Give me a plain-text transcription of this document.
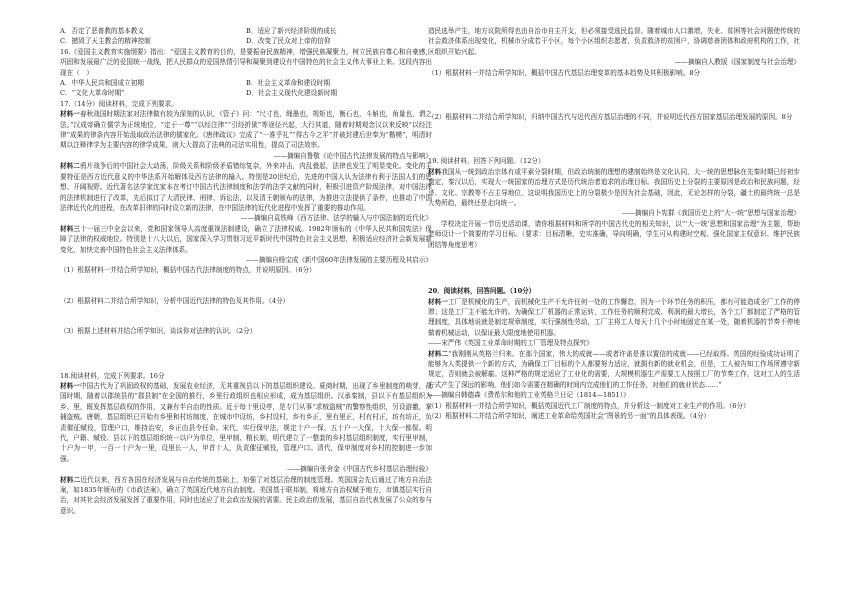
A．否定了恶普教的基本教义	B．适应了新兴经济阶级的成长
C．撼毁了天主教会的精神控制	D．改变了民众对上帝的信仰

16.《爱国主义教育实施纲要》指出：“爱国主义教育的目的，是要振奋民族精神，增强民族凝聚力，树立民族自尊心和自豪感，巩固和发展最广泛的爱国统一战线，把人民群众的爱国热情引导和凝聚到建设有中国特色的社会主义伟大事业上来。这段内容出现在（　）

A．中华人民共和国成立初期	B．社会主义革命和建设时期
C．“文化大革命时期”	D．社会主义现代化建设新时期

17.（14分）阅读材料，完成下列要求。

材料一春秋战国时期法家对法律做有较为深刻的认识，《管子》问：“尺寸也，绳墨也，规矩也，衡石也，斗斛也，角量也，谓之法。”汉成帝确立儒学为正统地位，“定于一尊”“以经注律”“引经折狱”等途径兴起，大行其道，随着时期观念汉以来反映“以经注律”成果的律条内容开始汲取政治法律的儒家化。《唐律疏议》完成了“一准乎礼”“得古今之平”并被封建后世奉为“楷模”，明清时期以注释律学为主要内容的律学成果，则大大提高了法典的司法实用性，提高了司法效率。

——摘编自鲁敬《论中国古代法律发展的特点与影响》

材料二鸦片战争后的中国社会大动荡，阶级关系和阶级矛盾错综复杂，外来冲击，内乱叠起，法律也发生了明显变化。变化的主要特征是西方近代意义的中华法系开始解体及西方法律的输入。特别是20世纪后，先进的中国人认为法律有利于法国人们的思想、开阔视野。近代著名法学家沈家本在考订中国古代法律制度和法学的法学文献的同时，积极引进资产阶级法律，对中国法律的法律机制进行了改革，先后拟订了大清民律、刑律、诉讼法，以及清王朝颁布的法律，为推进立法提供了条件，也推动了中国法律近代化的进程，在改革旧律的同时设立新的法律，在中国法律的近代化进程中发挥了重要的推动作用。

——摘编自袁铁峰《西方法律、法学的输入与中国法制的近代化》

材料三十一届三中全会以来，党和国家领导人高度重视法制建设，确立了法律权威。1982年颁布的《中华人民共和国宪法》保障了法律的权威地位。特别是十八大以后，国家深入学习贯彻习近平新时代中国特色社会主义思想，积极适应经济社会新发展新变化，加快完善中国特色社会主义法律体系。

——摘编自杨宝成《新中国60年法律发展的主要历程及其启示》

（1）根据材料一并结合所学知识，概括中国古代法律制度的特点，并说明原因。（6分）

（2）根据材料二并结合所学知识，分析中国近代法律的特色及其作用。（4分）

（3）根据上述材料并结合所学知识，谈谈你对法律的认识。（2分）

18.阅读材料，完成下列要求。16分

材料一中国古代为了巩固政权的基础，发展农业经济，无其重视县以下的基层组织建设。夏商时期，出现了乡里制度的萌芽，战国时期，随着以郡统县的“郡县制”在全国的推行，乡里行政组织也相应形成，成为基层组织。汉承秦制，县以下有基层组织为乡、里，既发挥基层政权的作用，又兼有半自治的性质。近于每十里设亭，是专门从事“求贼盗贼”的警察性组织，另设游徼，掌捕盗贼。唐朝，基层组织已开始有乡里和村坊制度，在城市中设坊，乡村设村，乡有乡正，里有里正，村有村正，坊有坊正，负责催征赋役，管理户口，维持治安，乡正由县令任命。宋代，实行保甲法，规定十户一保，五十户一大保，十大保一都保。明代，户籍、赋役、县以下的基层组织统一以户为单位，里甲制、粮长制，明代建立了一整套的乡村基层组织制度，实行里甲制，十户为一甲，一百一十户为一里，设里长一人，甲首十人，负责催征赋役，管理户口。清代，保甲制度对乡村的控制进一步加强。

——摘编自张舍金《中国古代乡村基层治理经验》

材料二近代以来，西方各国在经济发展与自治传统的基础上，加强了对基层治理的制度管理。英国国会先后通过了地方自治法案，如1835年颁布的《市政法案》，确立了英国近代地方自治制度。美国基于联邦制，将地方自治权赋予地方，市镇基层实行自治，对其社会经济发展发挥了重要作用，同时也适应了社会政治发展的需要。民主政治的发展，基层自治代表发展了公众的参与意识。

造民选举产生，地方议院所得也由自治市自主开支，但必须接受选民监督。随着城市人口激增，失业、贫困等社会问题使传统的社会救济体系出现变化，机械市分成若干小区，每个小区组织志愿者，负责救济的贫困户，协调慈善团体和政府机构的工作，社区组织开始兴起。

——摘编自人教版《国家制度与社会治理》

（1）根据材料一并结合所学知识，概括中国古代基层治理变革的基本趋势及其积极影响。8分

（2）根据材料二并结合所学知识，归纳中国古代与近代西方基层治理的不同，并说明近代西方国家基层治理发展的原因。8分

19. 阅读材料，回答下列问题。（12分）

材料我国从一统到政治宗体有或平素分裂时期，但政治统制的理想的建制始终是文化认同，大一统的思想脉在先秦时期已经初步奠定，秦汉以后，实现大一统国家的治理方式是历代统治者追求的治理目标。我国历史上分裂的主要原因是政治和民族问题，经济、文化、宗教等不占主导地位，这说明我国历史上的分裂极少是因为社会基础，因此，无论怎样的分裂，疆土的最终统一总是大势所趋，最终还是走向统一。

——摘编自卜宪群《我国历史上的“大一统”思想与国家治理》

学校决定开展一节历史活动课，请你根据材料和所学的中国古代史的相关知识，以“‘大一统’思想和国家治理”为主题，帮助老师设计一个简要的学习目标。（要求：目标清晰，史实准确，导向明确，学生可从构建时空观、强化国家主权意识、维护民族团结等角度思考）

20．阅读材料，回答问题。（10分）

材料一工厂是机械化的生产，而机械化生产不允许任何一处的工作懈怠，因为一个环节任务的积压，都有可能造成全厂工作的停滞；这是工厂主不能允许的。为确保工厂机器的正常运转，工作任务的顺利完成、利润的最大增长，各个工厂都制定了严格的管理制度，具体地说就是制定规章制度，实行强制性劳动，工厂主将工人每天十几个小时地固定在某一处，随着机器的节奏不停地做着机械运动，以保证最大限度地使用机器。

——宋严伟《英国工业革命时期的工厂管理及特点探究》

材料二“我刚刚从英格兰归来。在那个国家，伟大的成就——或者许诺是准以置信的成就——已经取得。英国的经验成功证明了能够为人类提供一个新的方式，为确保工厂目标的个人都要努力适应，就拥有新的就业机会，但是，工人被告知工作场所遵守新规定，否则就会被解雇。这种严格的规定适应了工业化的需要，大规模机器生产需要工人按照工厂的节奏工作，这对工人的生活方式产生了深远的影响，他们如今需要在精确的时间内完成他们的工作任务，对他们的就业状态……”

——摘编自韩德森《费希尔和他的工业英格兰日记（1814—1851）》

（1）根据材料一并结合所学知识，概括英国近代工厂制度的特点，并分析这一制度对工业生产的作用。（6分）

（2）根据材料二并结合所学知识，阐述工业革命给英国社会“图景的另一面”的具体表现。（4分）
